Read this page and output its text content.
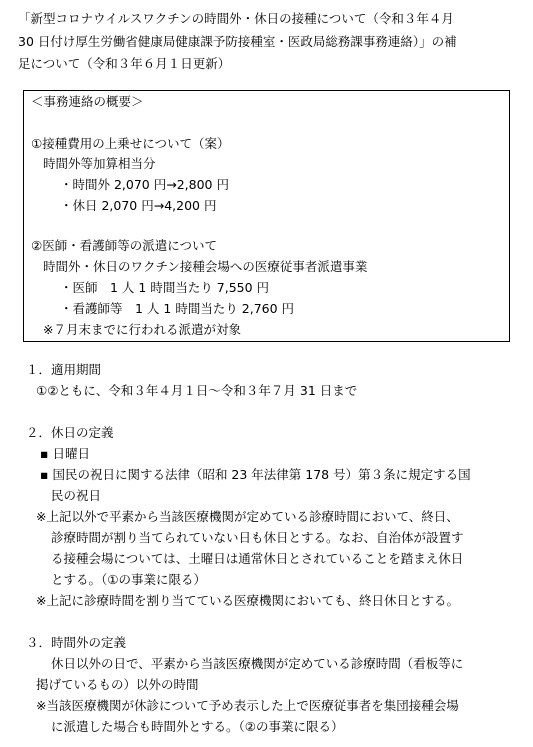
「新型コロナウイルスワクチンの時間外・休日の接種について（令和３年４月
30 日付け厚生労働省健康局健康課予防接種室・医政局総務課事務連絡）」の補
足について（令和３年６月１日更新）
＜事務連絡の概要＞
①接種費用の上乗せについて（案）
時間外等加算相当分
・時間外 2,070 円→2,800 円
・休日 2,070 円→4,200 円
②医師・看護師等の派遣について
時間外・休日のワクチン接種会場への医療従事者派遣事業
・医師　1 人 1 時間当たり 7,550 円
・看護師等　1 人 1 時間当たり 2,760 円
※７月末までに行われる派遣が対象
１．適用期間
①②ともに、令和３年４月１日～令和３年７月 31 日まで
２．休日の定義
▪ 日曜日
▪ 国民の祝日に関する法律（昭和 23 年法律第 178 号）第３条に規定する国
民の祝日
※上記以外で平素から当該医療機関が定めている診療時間において、終日、
診療時間が割り当てられていない日も休日とする。なお、自治体が設置す
る接種会場については、土曜日は通常休日とされていることを踏まえ休日
とする。（①の事業に限る）
※上記に診療時間を割り当てている医療機関においても、終日休日とする。
３．時間外の定義
休日以外の日で、平素から当該医療機関が定めている診療時間（看板等に
掲げているもの）以外の時間
※当該医療機関が休診について予め表示した上で医療従事者を集団接種会場
に派遣した場合も時間外とする。（②の事業に限る）
